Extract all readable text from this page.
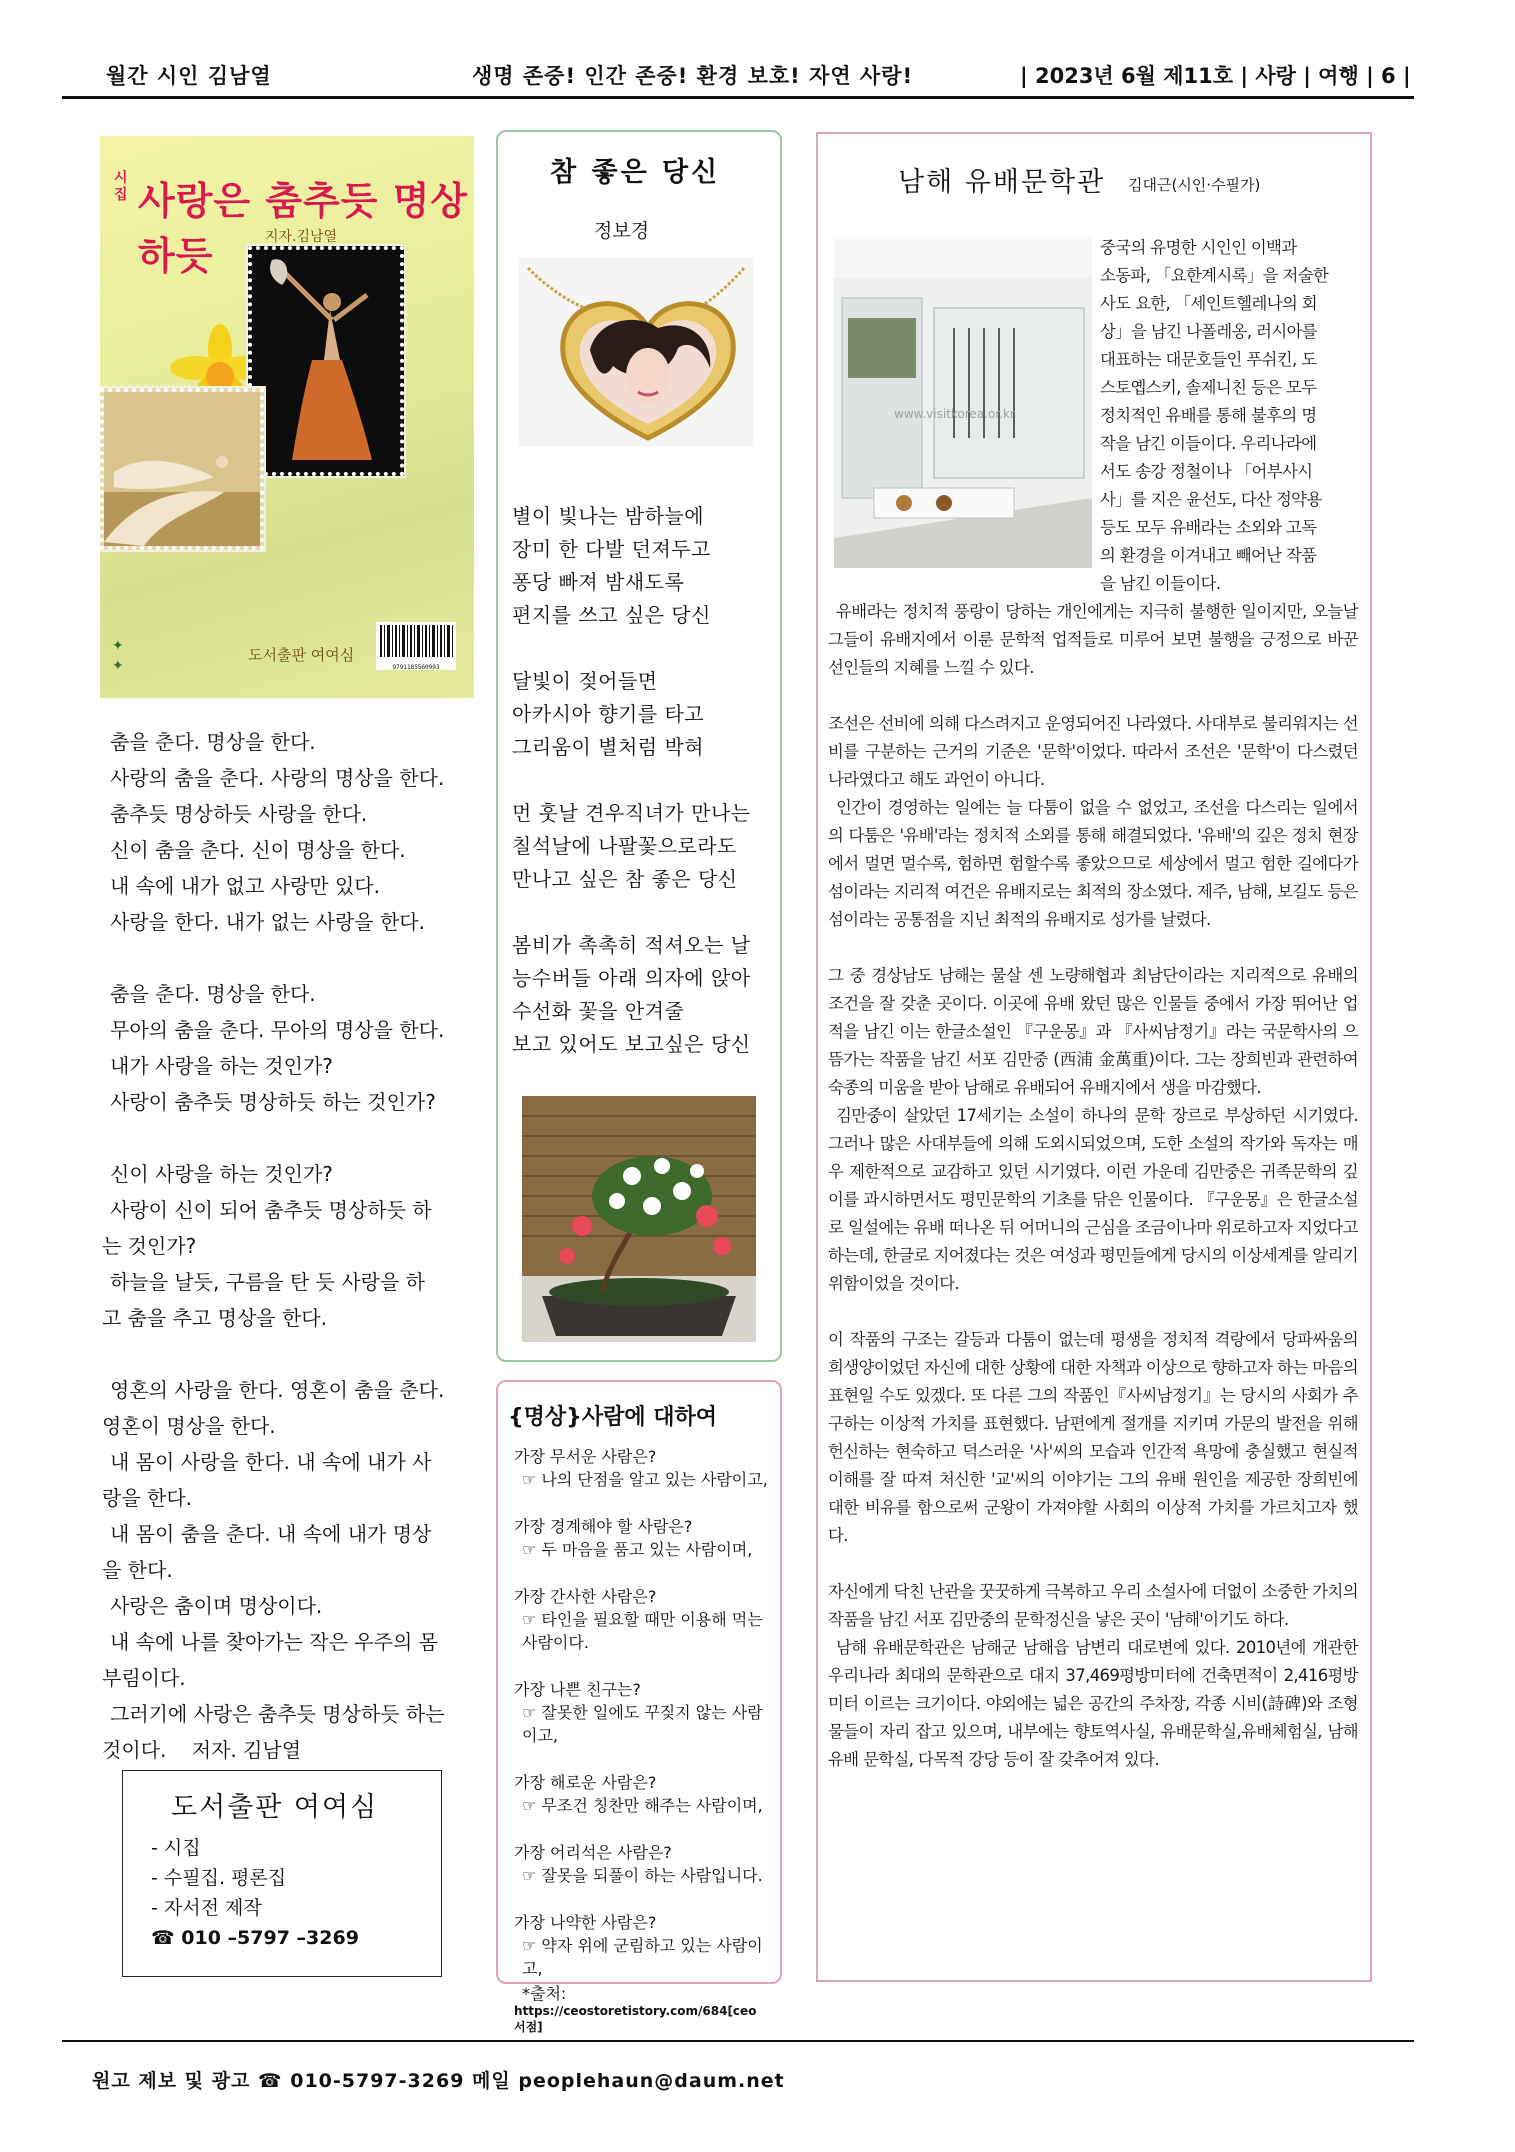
월간 시인 김남열	생명 존중! 인간 존중! 환경 보호! 자연 사랑!	| 2023년 6월 제11호 | 사랑 | 여행 | 6 |
시집 사랑은 춤추듯 명상하듯	지자.김남열
✦
✦
도서출판 여여심
9791185560993

춤을 춘다. 명상을 한다.

사랑의 춤을 춘다. 사랑의 명상을 한다.

춤추듯 명상하듯 사랑을 한다.

신이 춤을 춘다. 신이 명상을 한다.

내 속에 내가 없고 사랑만 있다.

사랑을 한다. 내가 없는 사랑을 한다.

춤을 춘다. 명상을 한다.

무아의 춤을 춘다. 무아의 명상을 한다.

내가 사랑을 하는 것인가?

사랑이 춤추듯 명상하듯 하는 것인가?

신이 사랑을 하는 것인가?

사랑이 신이 되어 춤추듯 명상하듯 하

는 것인가?

하늘을 날듯, 구름을 탄 듯 사랑을 하

고 춤을 추고 명상을 한다.

영혼의 사랑을 한다. 영혼이 춤을 춘다.

영혼이 명상을 한다.

내 몸이 사랑을 한다. 내 속에 내가 사

랑을 한다.

내 몸이 춤을 춘다. 내 속에 내가 명상

을 한다.

사랑은 춤이며 명상이다.

내 속에 나를 찾아가는 작은 우주의 몸

부림이다.

그러기에 사랑은 춤추듯 명상하듯 하는

것이다.    저자. 김남열

도서출판 여여심
- 시집
- 수필집. 평론집
- 자서전 제작
☎ 010 –5797 –3269
참 좋은 당신
정보경

별이 빛나는 밤하늘에

장미 한 다발 던져두고

퐁당 빠져 밤새도록

편지를 쓰고 싶은 당신

달빛이 젖어들면

아카시아 향기를 타고

그리움이 별처럼 박혀

먼 훗날 견우직녀가 만나는

칠석날에 나팔꽃으로라도

만나고 싶은 참 좋은 당신

봄비가 촉촉히 적셔오는 날

능수버들 아래 의자에 앉아

수선화 꽃을 안겨줄

보고 있어도 보고싶은 당신

{명상}사람에 대하여
가장 무서운 사람은?
☞ 나의 단점을 알고 있는 사람이고,
가장 경계해야 할 사람은?
☞ 두 마음을 품고 있는 사람이며,
가장 간사한 사람은?
☞ 타인을 필요할 때만 이용해 먹는 사람이다.
가장 나쁜 친구는?
☞ 잘못한 일에도 꾸짖지 않는 사람이고,
가장 해로운 사람은?
☞ 무조건 칭찬만 해주는 사람이며,
가장 어리석은 사람은?
☞ 잘못을 되풀이 하는 사람입니다.
가장 나약한 사람은?
☞ 약자 위에 군림하고 있는 사람이고,
*출처:
https://ceostoretistory.com/684[ceo서점]
남해 유배문학관 김대근(시인·수필가)
www.visitkorea.or.kr

중국의 유명한 시인인 이백과

소동파, 「요한계시록」을 저술한

사도 요한, 「세인트헬레나의 회

상」을 남긴 나폴레옹, 러시아를

대표하는 대문호들인 푸쉬킨, 도

스토옙스키, 솔제니친 등은 모두

정치적인 유배를 통해 불후의 명

작을 남긴 이들이다. 우리나라에

서도 송강 정철이나 「어부사시

사」를 지은 윤선도, 다산 정약용

등도 모두 유배라는 소외와 고독

의 환경을 이겨내고 빼어난 작품

을 남긴 이들이다.

유배라는 정치적 풍랑이 당하는 개인에게는 지극히 불행한 일이지만, 오늘날 그들이 유배지에서 이룬 문학적 업적들로 미루어 보면 불행을 긍정으로 바꾼 선인들의 지혜를 느낄 수 있다.

조선은 선비에 의해 다스려지고 운영되어진 나라였다. 사대부로 불리워지는 선비를 구분하는 근거의 기준은 '문학'이었다. 따라서 조선은 '문학'이 다스렸던 나라였다고 해도 과언이 아니다.

인간이 경영하는 일에는 늘 다툼이 없을 수 없었고, 조선을 다스리는 일에서의 다툼은 '유배'라는 정치적 소외를 통해 해결되었다. '유배'의 깊은 정치 현장에서 멀면 멀수록, 험하면 험할수록 좋았으므로 세상에서 멀고 험한 길에다가 섬이라는 지리적 여건은 유배지로는 최적의 장소였다. 제주, 남해, 보길도 등은 섬이라는 공통점을 지닌 최적의 유배지로 성가를 날렸다.

그 중 경상남도 남해는 물살 센 노량해협과 최남단이라는 지리적으로 유배의 조건을 잘 갖춘 곳이다. 이곳에 유배 왔던 많은 인물들 중에서 가장 뛰어난 업적을 남긴 이는 한글소설인 『구운몽』과 『사씨남정기』라는 국문학사의 으뜸가는 작품을 남긴 서포 김만중 (西浦 金萬重)이다. 그는 장희빈과 관련하여 숙종의 미움을 받아 남해로 유배되어 유배지에서 생을 마감했다.

김만중이 살았던 17세기는 소설이 하나의 문학 장르로 부상하던 시기였다. 그러나 많은 사대부들에 의해 도외시되었으며, 도한 소설의 작가와 독자는 매우 제한적으로 교감하고 있던 시기였다. 이런 가운데 김만중은 귀족문학의 깊이를 과시하면서도 평민문학의 기초를 닦은 인물이다. 『구운몽』은 한글소설로 일설에는 유배 떠나온 뒤 어머니의 근심을 조금이나마 위로하고자 지었다고 하는데, 한글로 지어졌다는 것은 여성과 평민들에게 당시의 이상세계를 알리기 위함이었을 것이다.

이 작품의 구조는 갈등과 다툼이 없는데 평생을 정치적 격랑에서 당파싸움의 희생양이었던 자신에 대한 상황에 대한 자책과 이상으로 향하고자 하는 마음의 표현일 수도 있겠다. 또 다른 그의 작품인『사씨남정기』는 당시의 사회가 추구하는 이상적 가치를 표현했다. 남편에게 절개를 지키며 가문의 발전을 위해 헌신하는 현숙하고 덕스러운 '사'씨의 모습과 인간적 욕망에 충실했고 현실적 이해를 잘 따져 처신한 '교'씨의 이야기는 그의 유배 원인을 제공한 장희빈에 대한 비유를 함으로써 군왕이 가져야할 사회의 이상적 가치를 가르치고자 했다.

자신에게 닥친 난관을 꿋꿋하게 극복하고 우리 소설사에 더없이 소중한 가치의 작품을 남긴 서포 김만중의 문학정신을 낳은 곳이 '남해'이기도 하다.

남해 유배문학관은 남해군 남해읍 남변리 대로변에 있다. 2010년에 개관한 우리나라 최대의 문학관으로 대지 37,469평방미터에 건축면적이 2,416평방미터 이르는 크기이다. 야외에는 넓은 공간의 주차장, 각종 시비(詩碑)와 조형물들이 자리 잡고 있으며, 내부에는 향토역사실, 유배문학실,유배체험실, 남해유배 문학실, 다목적 강당 등이 잘 갖추어져 있다.

원고 제보 및 광고 ☎ 010-5797-3269 메일 peoplehaun@daum.net
